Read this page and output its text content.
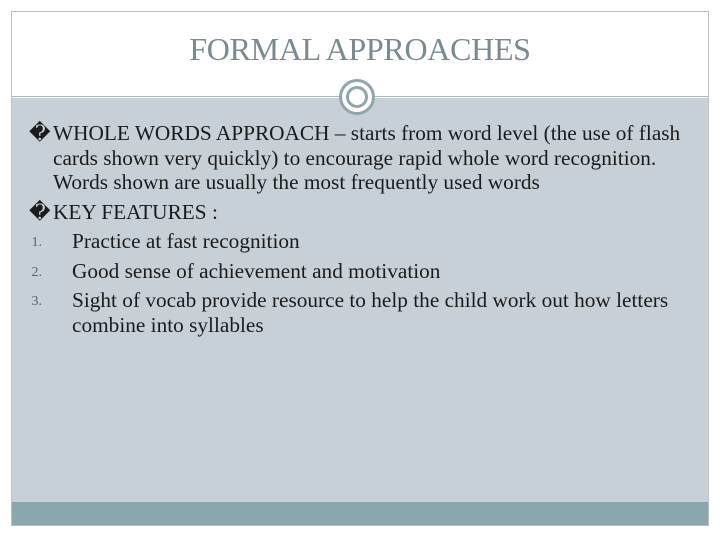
FORMAL APPROACHES
� WHOLE WORDS APPROACH – starts from word level (the use of flash cards shown very quickly) to encourage rapid whole word recognition. Words shown are usually the most frequently used words
� KEY FEATURES :
1. Practice at fast recognition
2. Good sense of achievement and motivation
3. Sight of vocab provide resource to help the child work out how letters combine into syllables
